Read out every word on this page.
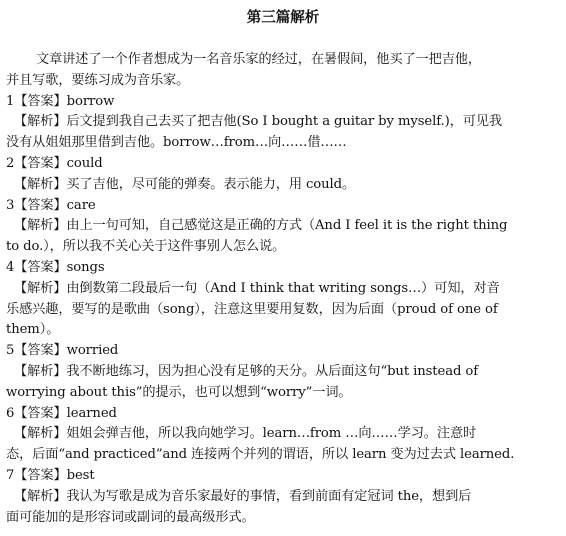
第三篇解析

文章讲述了一个作者想成为一名音乐家的经过，在暑假间，他买了一把吉他，

并且写歌，要练习成为音乐家。

1【答案】borrow

【解析】后文提到我自己去买了把吉他(So I bought a guitar by myself.)，可见我

没有从姐姐那里借到吉他。borrow…from…向……借……

2【答案】could

【解析】买了吉他，尽可能的弹奏。表示能力，用 could。

3【答案】care

【解析】由上一句可知，自己感觉这是正确的方式（And I feel it is the right thing

to do.），所以我不关心关于这件事别人怎么说。

4【答案】songs

【解析】由倒数第二段最后一句（And I think that writing songs…）可知，对音

乐感兴趣，要写的是歌曲（song），注意这里要用复数，因为后面（proud of one of

them）。

5【答案】worried

【解析】我不断地练习，因为担心没有足够的天分。从后面这句“but instead of

worrying about this”的提示，也可以想到“worry”一词。

6【答案】learned

【解析】姐姐会弹吉他，所以我向她学习。learn…from …向……学习。注意时

态，后面“and practiced”and 连接两个并列的谓语，所以 learn 变为过去式 learned.

7【答案】best

【解析】我认为写歌是成为音乐家最好的事情，看到前面有定冠词 the，想到后

面可能加的是形容词或副词的最高级形式。
